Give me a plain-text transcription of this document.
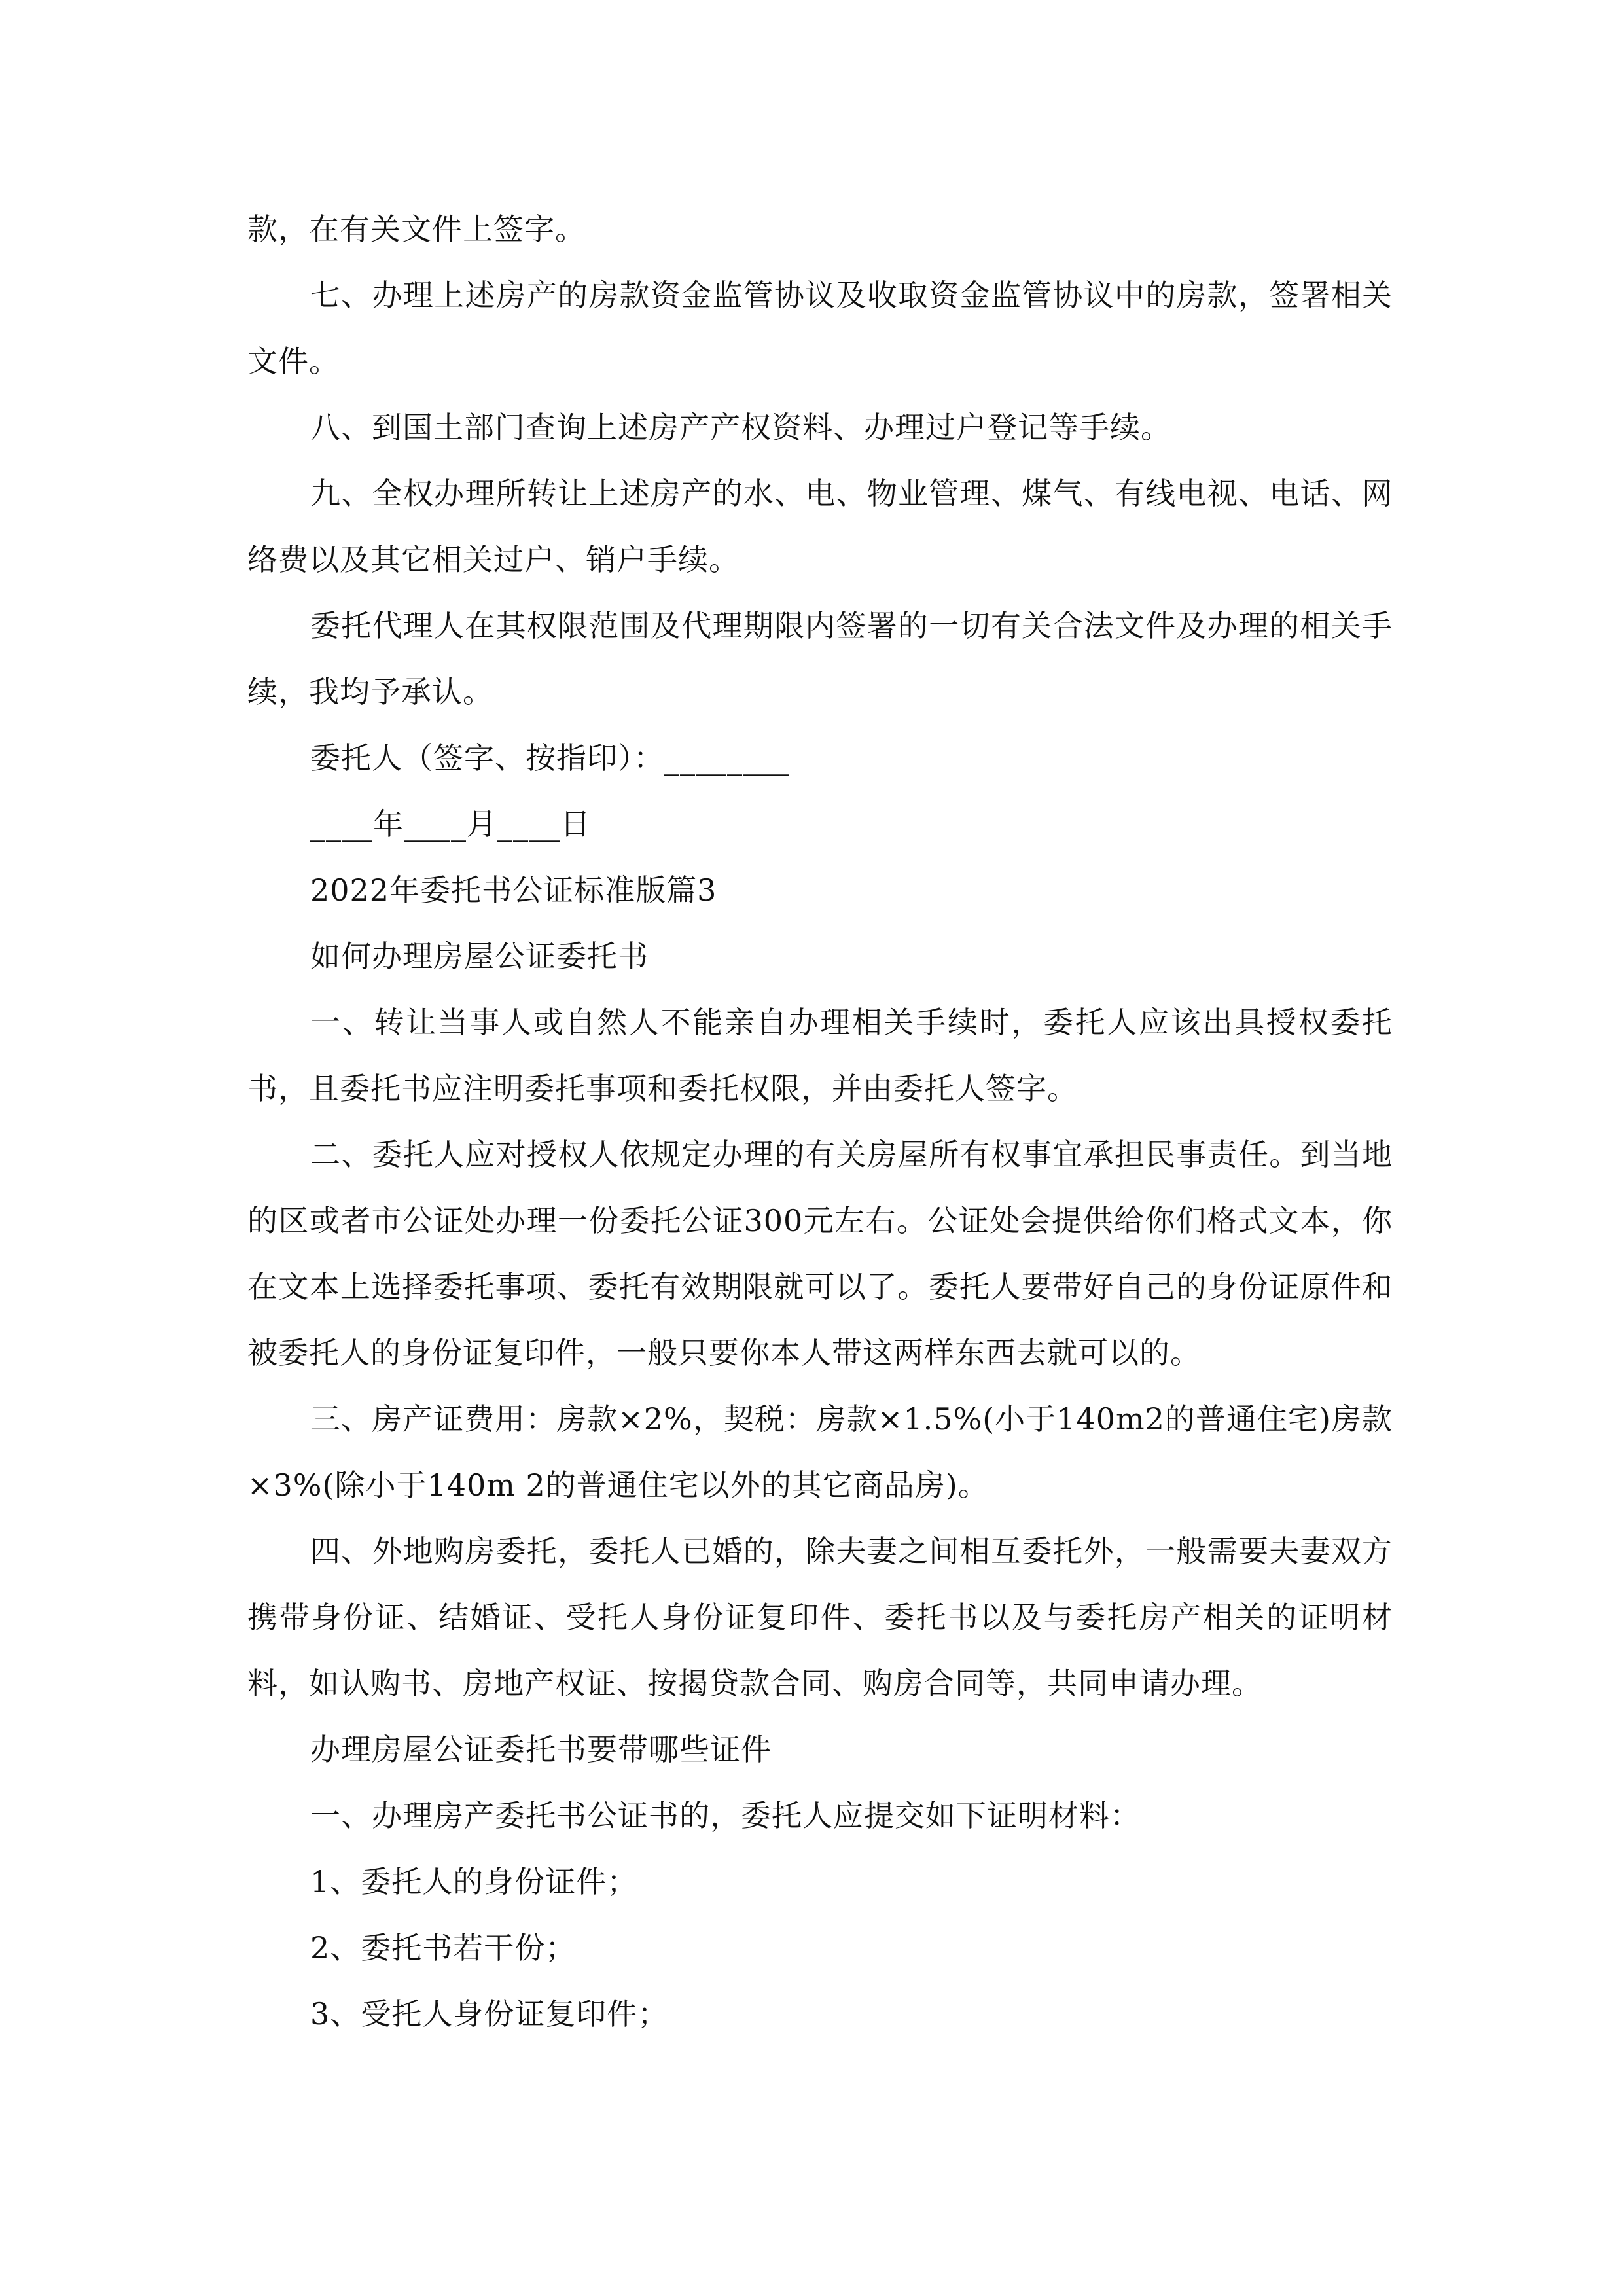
款，在有关文件上签字。

七、办理上述房产的房款资金监管协议及收取资金监管协议中的房款，签署相关文件。

八、到国土部门查询上述房产产权资料、办理过户登记等手续。

九、全权办理所转让上述房产的水、电、物业管理、煤气、有线电视、电话、网络费以及其它相关过户、销户手续。

委托代理人在其权限范围及代理期限内签署的一切有关合法文件及办理的相关手续，我均予承认。

委托人（签字、按指印）：________

____年____月____日

2022年委托书公证标准版篇3

如何办理房屋公证委托书

一、转让当事人或自然人不能亲自办理相关手续时，委托人应该出具授权委托书，且委托书应注明委托事项和委托权限，并由委托人签字。

二、委托人应对授权人依规定办理的有关房屋所有权事宜承担民事责任。到当地的区或者市公证处办理一份委托公证300元左右。公证处会提供给你们格式文本，你在文本上选择委托事项、委托有效期限就可以了。委托人要带好自己的身份证原件和被委托人的身份证复印件，一般只要你本人带这两样东西去就可以的。

三、房产证费用：房款×2%，契税：房款×1.5%(小于140m2的普通住宅)房款×3%(除小于140m 2的普通住宅以外的其它商品房)。

四、外地购房委托，委托人已婚的，除夫妻之间相互委托外，一般需要夫妻双方携带身份证、结婚证、受托人身份证复印件、委托书以及与委托房产相关的证明材料，如认购书、房地产权证、按揭贷款合同、购房合同等，共同申请办理。

办理房屋公证委托书要带哪些证件

一、办理房产委托书公证书的，委托人应提交如下证明材料：

1、委托人的身份证件；

2、委托书若干份；

3、受托人身份证复印件；
